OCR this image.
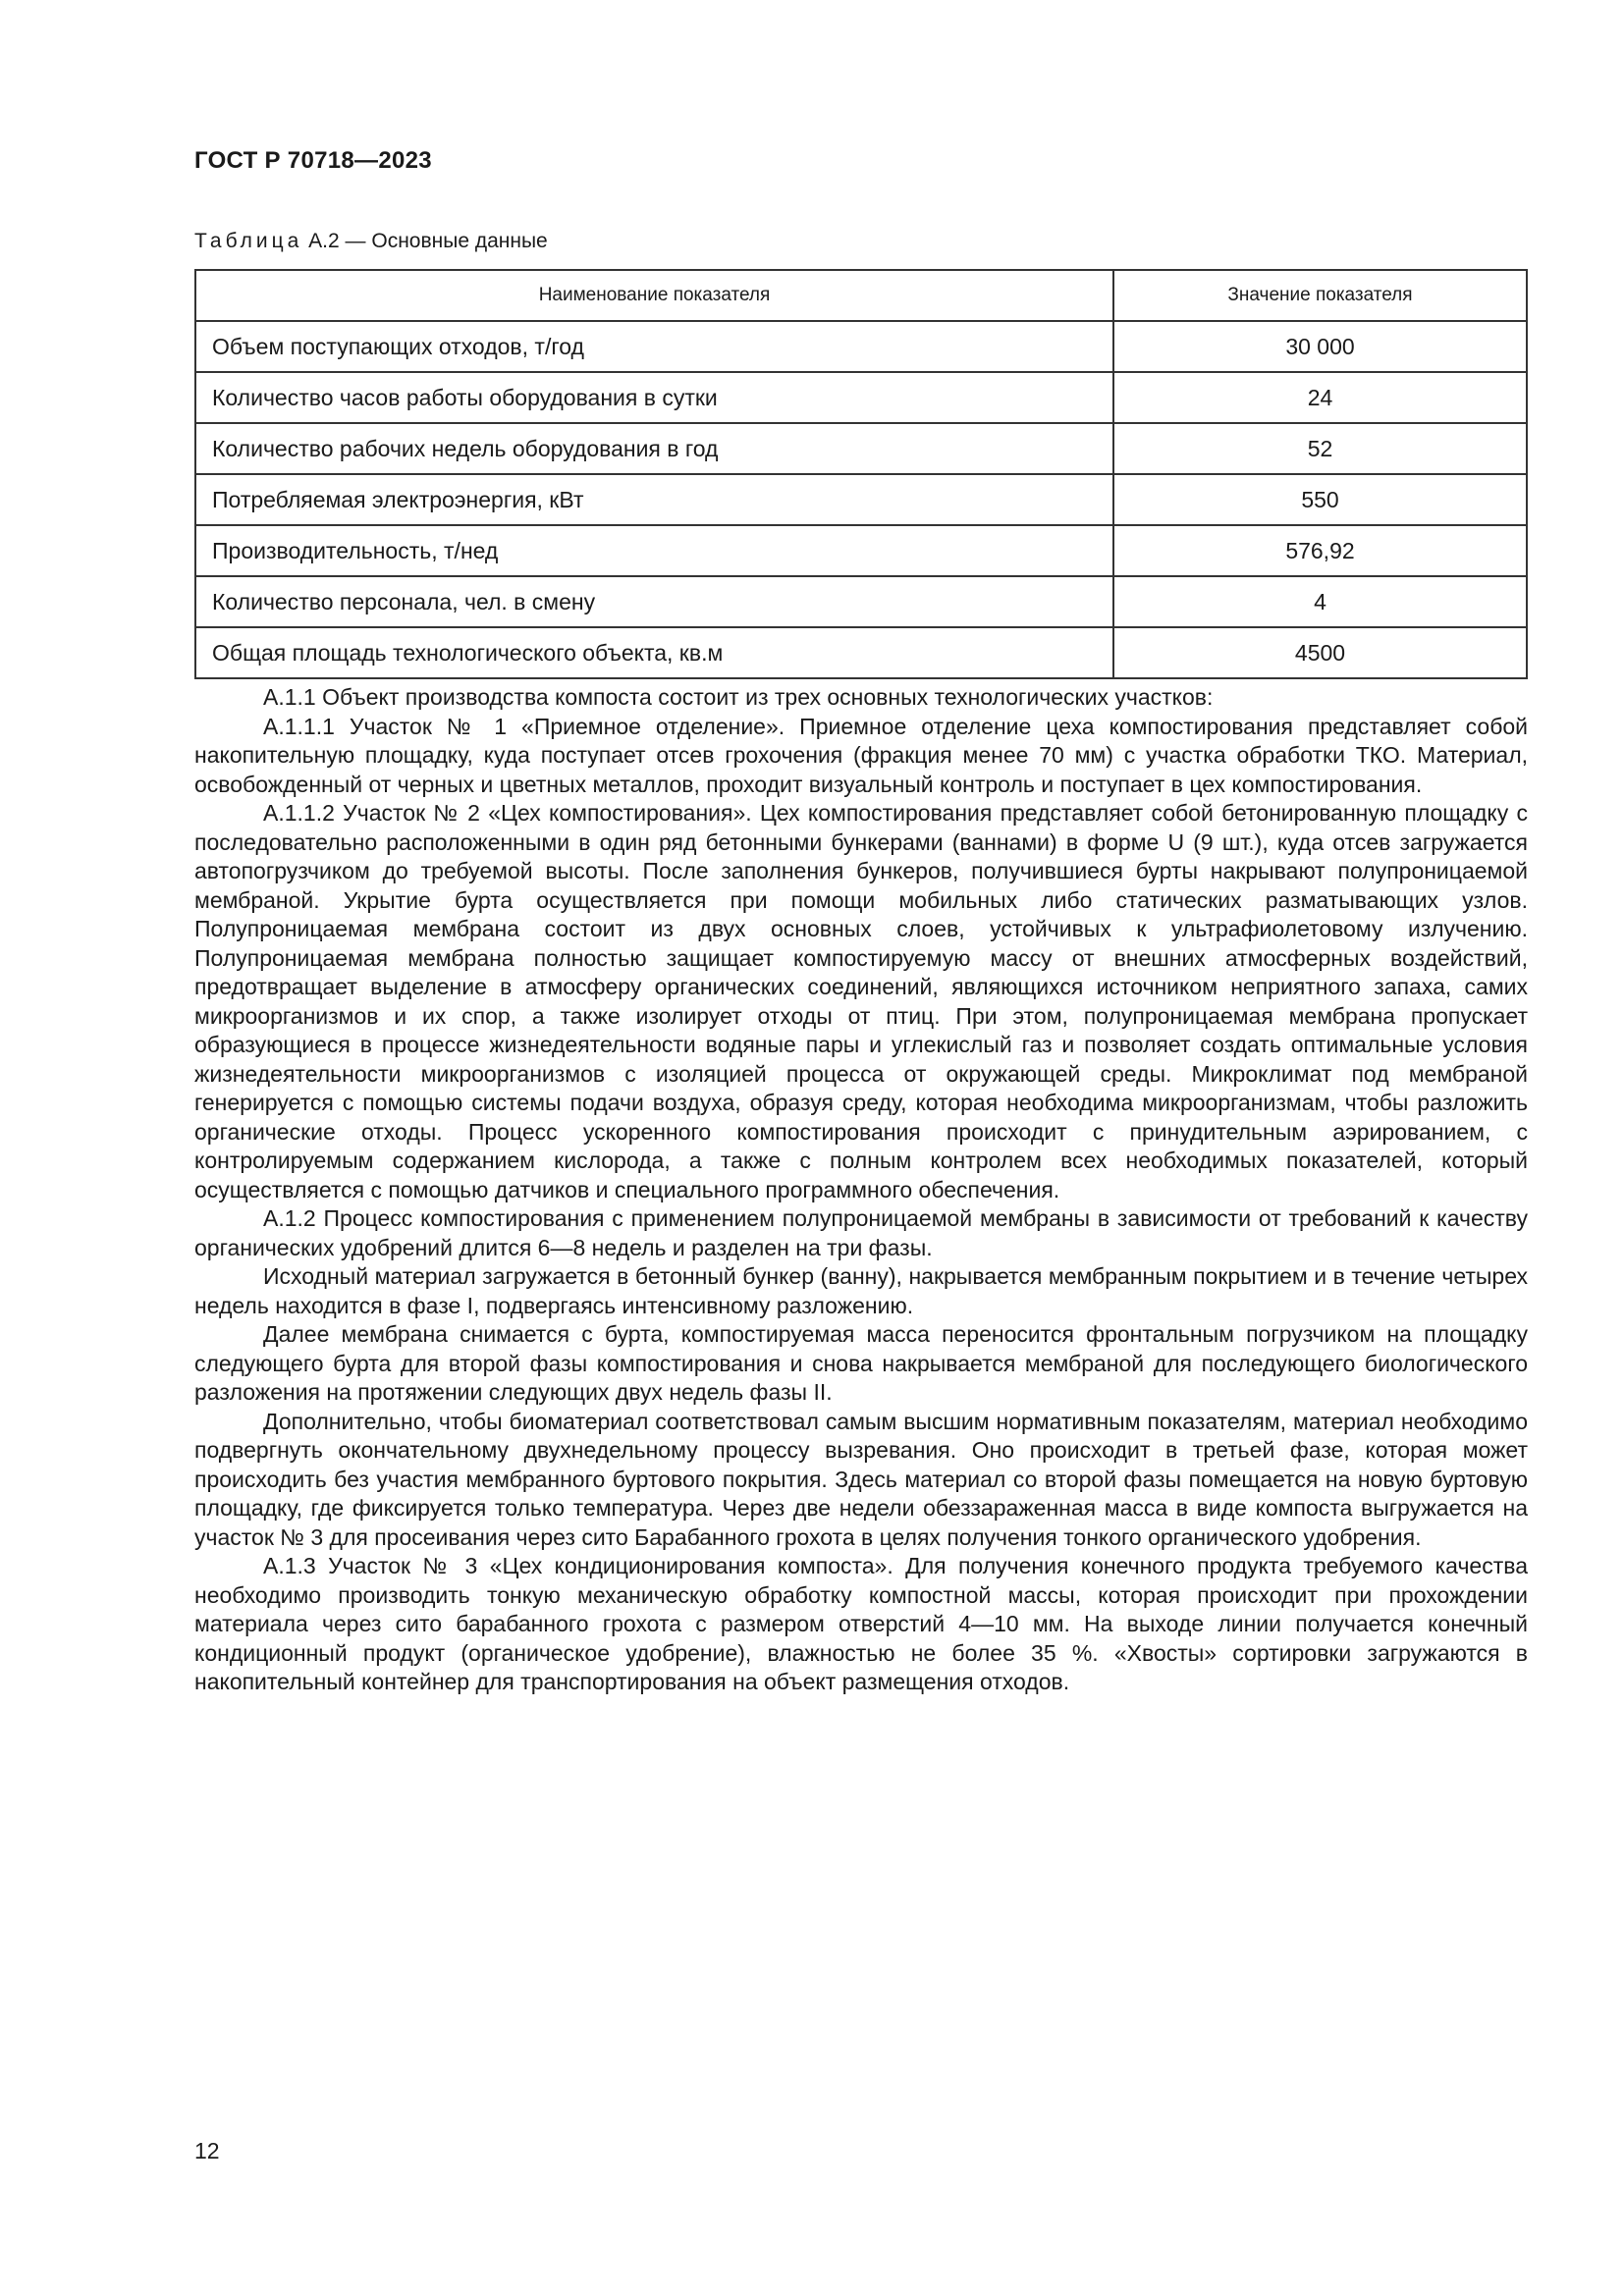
ГОСТ Р 70718—2023
Таблица А.2 — Основные данные
Наименование показателя	Значение показателя
Объем поступающих отходов, т/год	30 000
Количество часов работы оборудования в сутки	24
Количество рабочих недель оборудования в год	52
Потребляемая электроэнергия, кВт	550
Производительность, т/нед	576,92
Количество персонала, чел. в смену	4
Общая площадь технологического объекта, кв.м	4500

А.1.1 Объект производства компоста состоит из трех основных технологических участков:

А.1.1.1 Участок № 1 «Приемное отделение». Приемное отделение цеха компостирования представляет собой накопительную площадку, куда поступает отсев грохочения (фракция менее 70 мм) с участка обработки ТКО. Материал, освобожденный от черных и цветных металлов, проходит визуальный контроль и поступает в цех компостирования.

А.1.1.2 Участок № 2 «Цех компостирования». Цех компостирования представляет собой бетонированную площадку с последовательно расположенными в один ряд бетонными бункерами (ваннами) в форме U (9 шт.), куда отсев загружается автопогрузчиком до требуемой высоты. После заполнения бункеров, получившиеся бурты накрывают полупроницаемой мембраной. Укрытие бурта осуществляется при помощи мобильных либо статических разматывающих узлов. Полупроницаемая мембрана состоит из двух основных слоев, устойчивых к ультрафиолетовому излучению. Полупроницаемая мембрана полностью защищает компостируемую массу от внешних атмосферных воздействий, предотвращает выделение в атмосферу органических соединений, являющихся источником неприятного запаха, самих микроорганизмов и их спор, а также изолирует отходы от птиц. При этом, полупроницаемая мембрана пропускает образующиеся в процессе жизнедеятельности водяные пары и углекислый газ и позволяет создать оптимальные условия жизнедеятельности микроорганизмов с изоляцией процесса от окружающей среды. Микроклимат под мембраной генерируется с помощью системы подачи воздуха, образуя среду, которая необходима микроорганизмам, чтобы разложить органические отходы. Процесс ускоренного компостирования происходит с принудительным аэрированием, с контролируемым содержанием кислорода, а также с полным контролем всех необходимых показателей, который осуществляется с помощью датчиков и специального программного обеспечения.

А.1.2 Процесс компостирования с применением полупроницаемой мембраны в зависимости от требований к качеству органических удобрений длится 6—8 недель и разделен на три фазы.

Исходный материал загружается в бетонный бункер (ванну), накрывается мембранным покрытием и в течение четырех недель находится в фазе I, подвергаясь интенсивному разложению.

Далее мембрана снимается с бурта, компостируемая масса переносится фронтальным погрузчиком на площадку следующего бурта для второй фазы компостирования и снова накрывается мембраной для последующего биологического разложения на протяжении следующих двух недель фазы II.

Дополнительно, чтобы биоматериал соответствовал самым высшим нормативным показателям, материал необходимо подвергнуть окончательному двухнедельному процессу вызревания. Оно происходит в третьей фазе, которая может происходить без участия мембранного буртового покрытия. Здесь материал со второй фазы помещается на новую буртовую площадку, где фиксируется только температура. Через две недели обеззараженная масса в виде компоста выгружается на участок № 3 для просеивания через сито Барабанного грохота в целях получения тонкого органического удобрения.

А.1.3 Участок № 3 «Цех кондиционирования компоста». Для получения конечного продукта требуемого качества необходимо производить тонкую механическую обработку компостной массы, которая происходит при прохождении материала через сито барабанного грохота с размером отверстий 4—10 мм. На выходе линии получается конечный кондиционный продукт (органическое удобрение), влажностью не более 35 %. «Хвосты» сортировки загружаются в накопительный контейнер для транспортирования на объект размещения отходов.

12
